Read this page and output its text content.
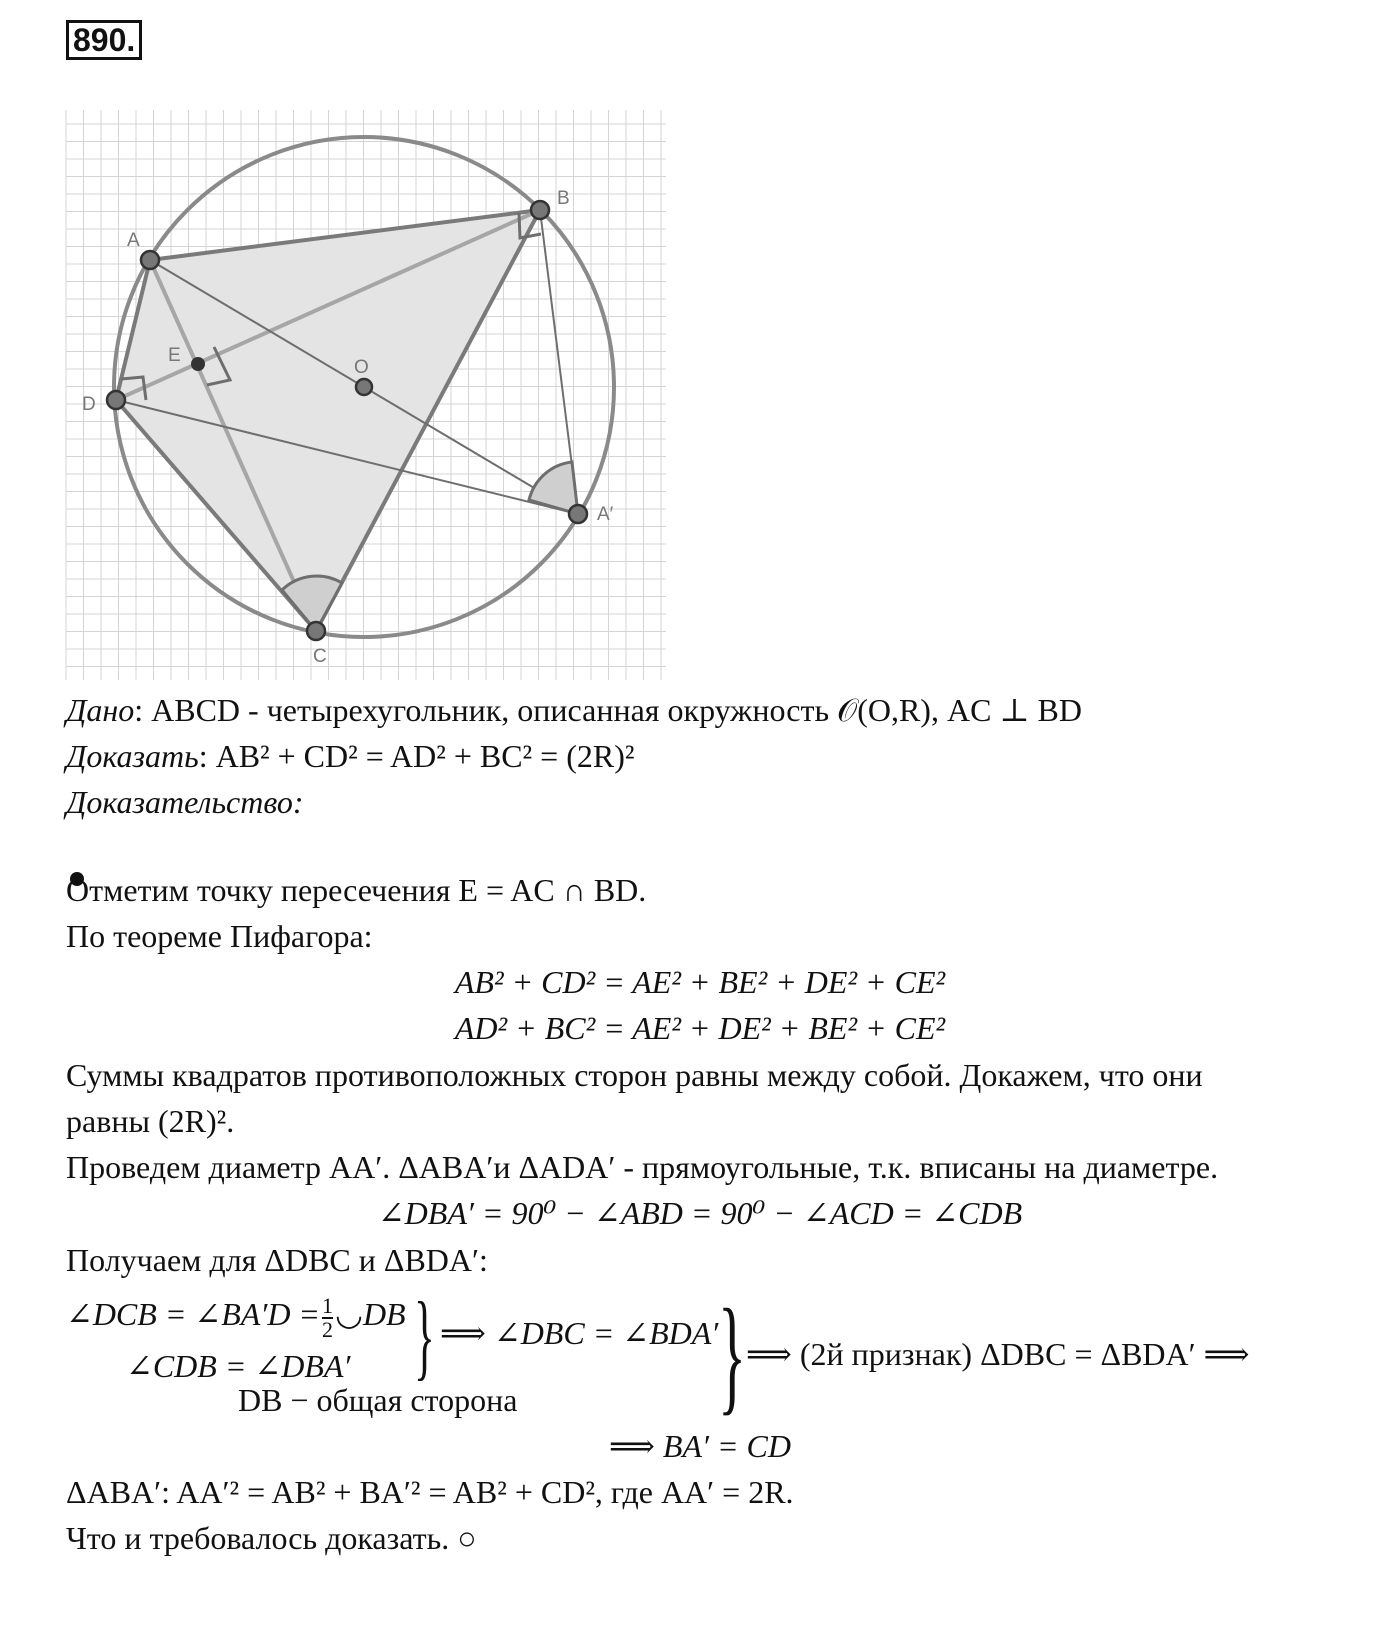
890.
A
B
C
D
E
O
A′
Дано: ABCD - четырехугольник, описанная окружность 𝒪(O,R), AC ⊥ BD
Доказать: AB² + CD² = AD² + BC² = (2R)²
Доказательство:
Отметим точку пересечения E = AC ∩ BD.
По теореме Пифагора:
AB² + CD² = AE² + BE² + DE² + CE²
AD² + BC² = AE² + DE² + BE² + CE²
Суммы квадратов противоположных сторон равны между собой. Докажем, что они
равны (2R)².
Проведем диаметр AA′. ΔABA′и ΔADA′ - прямоугольные, т.к. вписаны на диаметре.
∠DBA′ = 90⁰ − ∠ABD = 90⁰ − ∠ACD = ∠CDB
Получаем для ΔDBC и ΔBDA′:
∠DCB = ∠BA′D = $\frac{1}{2}$ ◡DB
∠CDB = ∠DBA′
DB − общая сторона
} ⟹ ∠DBC = ∠BDA′ } ⟹ (2й признак) ΔDBC = ΔBDA′ ⟹
⟹ BA′ = CD
ΔABA′: AA′² = AB² + BA′² = AB² + CD², где AA′ = 2R.
Что и требовалось доказать. ○
